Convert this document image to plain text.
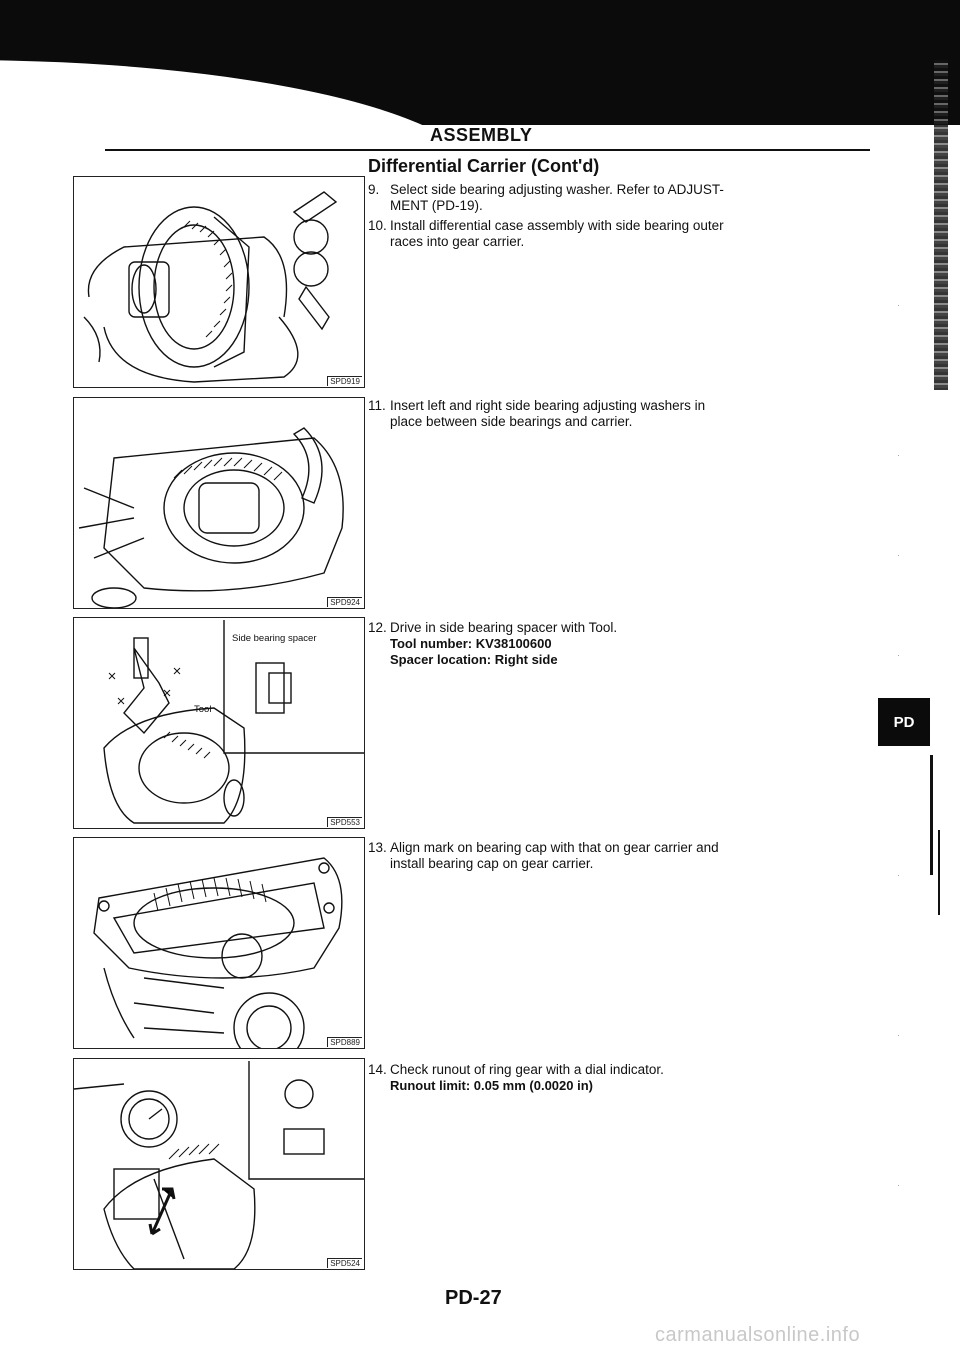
ASSEMBLY
Differential Carrier (Cont'd)
SPD919
SPD924
Side bearing spacer
Tool
SPD553
SPD889
SPD524
9. Select side bearing adjusting washer. Refer to ADJUST-
MENT (PD-19).
10. Install differential case assembly with side bearing outer
races into gear carrier.
11. Insert left and right side bearing adjusting washers in
place between side bearings and carrier.
12. Drive in side bearing spacer with Tool.
Tool number: KV38100600
Spacer location: Right side
13. Align mark on bearing cap with that on gear carrier and
install bearing cap on gear carrier.
14. Check runout of ring gear with a dial indicator.
Runout limit: 0.05 mm (0.0020 in)
PD
·
·
·
·
·
·
·
PD-27
carmanualsonline.info
